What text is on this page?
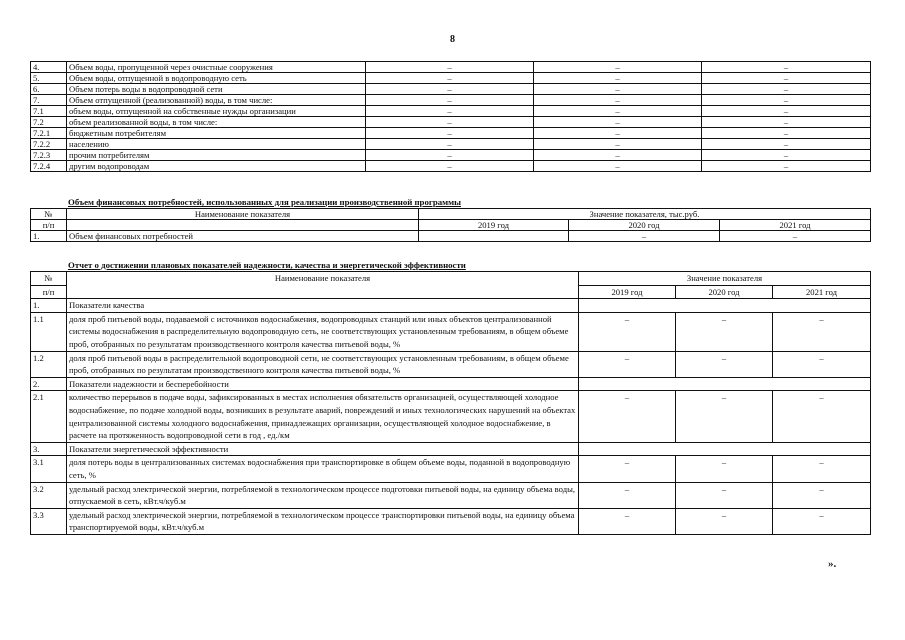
8
4.	Объем воды, пропущенной через очистные сооружения	–	–	–
5.	Объем воды, отпущенной в водопроводную сеть	–	–	–
6.	Объем потерь воды в водопроводной сети	–	–	–
7.	Объем отпущенной (реализованной) воды, в том числе:	–	–	–
7.1	объем воды, отпущенной на собственные нужды организации	–	–	–
7.2	объем реализованной воды, в том числе:	–	–	–
7.2.1	бюджетным потребителям	–	–	–
7.2.2	населению	–	–	–
7.2.3	прочим потребителям	–	–	–
7.2.4	другим водопроводам	–	–	–
Объем финансовых потребностей, использованных для реализации производственной программы
№	Наименование показателя	Значение показателя, тыс.руб.		
п/п		2019 год	2020 год	2021 год
1.	Объем финансовых потребностей		–	–
Отчет о достижении плановых показателей надежности, качества и энергетической эффективности
№	Наименование показателя	Значение показателя		
п/п		2019 год	2020 год	2021 год
1.	Показатели качества			
1.1	доля проб питьевой воды, подаваемой с источников водоснабжения, водопроводных станций или иных объектов централизованной системы водоснабжения в распределительную водопроводную сеть, не соответствующих установленным требованиям, в общем объеме проб, отобранных по результатам производственного контроля качества питьевой воды, %	–	–	–
1.2	доля проб питьевой воды в распределительной водопроводной сети, не соответствующих установленным требованиям, в общем объеме проб, отобранных по результатам производственного контроля качества питьевой воды, %	–	–	–
2.	Показатели надежности и бесперебойности			
2.1	количество перерывов в подаче воды, зафиксированных в местах исполнения обязательств организацией, осуществляющей холодное водоснабжение, по подаче холодной воды, возникших в результате аварий, повреждений и иных технологических нарушений на объектах централизованной системы холодного водоснабжения, принадлежащих организации, осуществляющей холодное водоснабжение, в расчете на протяженность водопроводной сети в год , ед./км	–	–	–
3.	Показатели энергетической эффективности			
3.1	доля потерь воды в централизованных системах водоснабжения при транспортировке в общем объеме воды, поданной в водопроводную сеть, %	–	–	–
3.2	удельный расход электрической энергии, потребляемой в технологическом процессе подготовки питьевой воды, на единицу объема воды, отпускаемой в сеть, кВт.ч/куб.м	–	–	–
3.3	удельный расход электрической энергии, потребляемой в технологическом процессе транспортировки питьевой воды, на единицу объема транспортируемой воды, кВт.ч/куб.м	–	–	–
».
